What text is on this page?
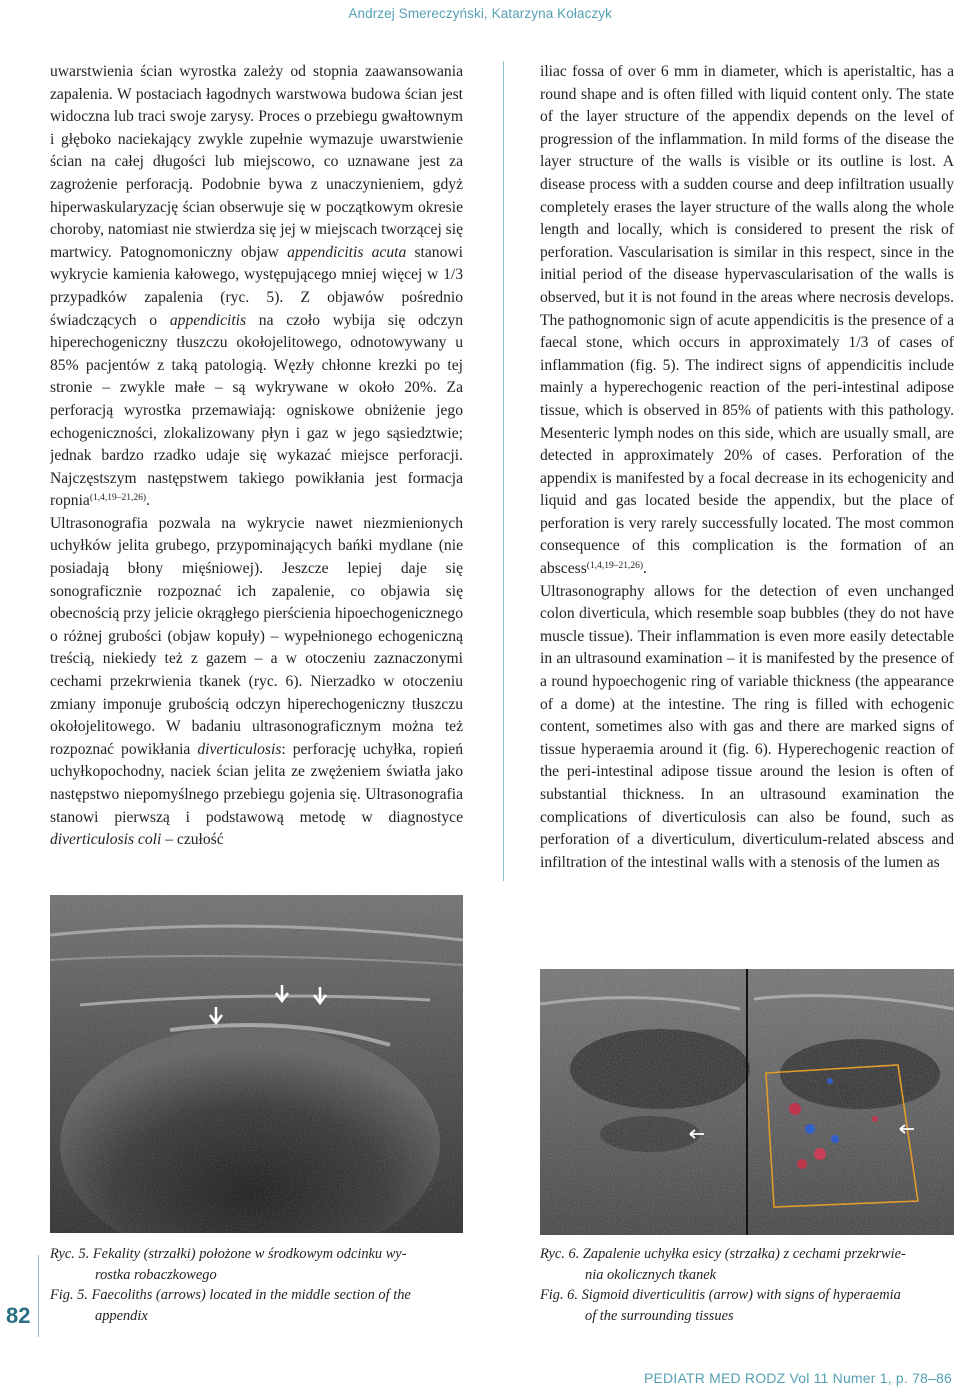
Andrzej Smereczyński, Katarzyna Kołaczyk

uwarstwienia ścian wyrostka zależy od stopnia zaawansowania zapalenia. W postaciach łagodnych warstwowa budowa ścian jest widoczna lub traci swoje zarysy. Proces o przebiegu gwałtownym i głęboko naciekający zwykle zupełnie wymazuje uwarstwienie ścian na całej długości lub miejscowo, co uznawane jest za zagrożenie perforacją. Podobnie bywa z unaczynieniem, gdyż hiperwaskularyzację ścian obserwuje się w początkowym okresie choroby, natomiast nie stwierdza się jej w miejscach tworzącej się martwicy. Patognomoniczny objaw appendicitis acuta stanowi wykrycie kamienia kałowego, występującego mniej więcej w 1/3 przypadków zapalenia (ryc. 5). Z objawów pośrednio świadczących o appendicitis na czoło wybija się odczyn hiperechogeniczny tłuszczu okołojelitowego, odnotowywany u 85% pacjentów z taką patologią. Węzły chłonne krezki po tej stronie – zwykle małe – są wykrywane w około 20%. Za perforacją wyrostka przemawiają: ogniskowe obniżenie jego echogeniczności, zlokalizowany płyn i gaz w jego sąsiedztwie; jednak bardzo rzadko udaje się wykazać miejsce perforacji. Najczęstszym następstwem takiego powikłania jest formacja ropnia$^{(1,4,19-21,26)}$.

Ultrasonografia pozwala na wykrycie nawet niezmienionych uchyłków jelita grubego, przypominających bańki mydlane (nie posiadają błony mięśniowej). Jeszcze lepiej daje się sonograficznie rozpoznać ich zapalenie, co objawia się obecnością przy jelicie okrągłego pierścienia hipoechogenicznego o różnej grubości (objaw kopuły) – wypełnionego echogeniczną treścią, niekiedy też z gazem – a w otoczeniu zaznaczonymi cechami przekrwienia tkanek (ryc. 6). Nierzadko w otoczeniu zmiany imponuje grubością odczyn hiperechogeniczny tłuszczu okołojelitowego. W badaniu ultrasonograficznym można też rozpoznać powikłania diverticulosis: perforację uchyłka, ropień uchyłkopochodny, naciek ścian jelita ze zwężeniem światła jako następstwo niepomyślnego przebiegu gojenia się. Ultrasonografia stanowi pierwszą i podstawową metodę w diagnostyce diverticulosis coli – czułość

iliac fossa of over 6 mm in diameter, which is aperistaltic, has a round shape and is often filled with liquid content only. The state of the layer structure of the appendix depends on the level of progression of the inflammation. In mild forms of the disease the layer structure of the walls is visible or its outline is lost. A disease process with a sudden course and deep infiltration usually completely erases the layer structure of the walls along the whole length and locally, which is considered to present the risk of perforation. Vascularisation is similar in this respect, since in the initial period of the disease hypervascularisation of the walls is observed, but it is not found in the areas where necrosis develops. The pathognomonic sign of acute appendicitis is the presence of a faecal stone, which occurs in approximately 1/3 of cases of inflammation (fig. 5). The indirect signs of appendicitis include mainly a hyperechogenic reaction of the peri-intestinal adipose tissue, which is observed in 85% of patients with this pathology. Mesenteric lymph nodes on this side, which are usually small, are detected in approximately 20% of cases. Perforation of the appendix is manifested by a focal decrease in its echogenicity and liquid and gas located beside the appendix, but the place of perforation is very rarely successfully located. The most common consequence of this complication is the formation of an abscess$^{(1,4,19-21,26)}$.

Ultrasonography allows for the detection of even unchanged colon diverticula, which resemble soap bubbles (they do not have muscle tissue). Their inflammation is even more easily detectable in an ultrasound examination – it is manifested by the presence of a round hypoechogenic ring of variable thickness (the appearance of a dome) at the intestine. The ring is filled with echogenic content, sometimes also with gas and there are marked signs of tissue hyperaemia around it (fig. 6). Hyperechogenic reaction of the peri-intestinal adipose tissue around the lesion is often of substantial thickness. In an ultrasound examination the complications of diverticulosis can also be found, such as perforation of a diverticulum, diverticulum-related abscess and infiltration of the intestinal walls with a stenosis of the lumen as

Ryc. 5. Fekality (strzałki) położone w środkowym odcinku wy-
rostka robaczkowego
Fig. 5. Faecoliths (arrows) located in the middle section of the
appendix
Ryc. 6. Zapalenie uchyłka esicy (strzałka) z cechami przekrwie-
nia okolicznych tkanek
Fig. 6. Sigmoid diverticulitis (arrow) with signs of hyperaemia
of the surrounding tissues
82
PEDIATR MED RODZ Vol 11 Numer 1, p. 78–86
